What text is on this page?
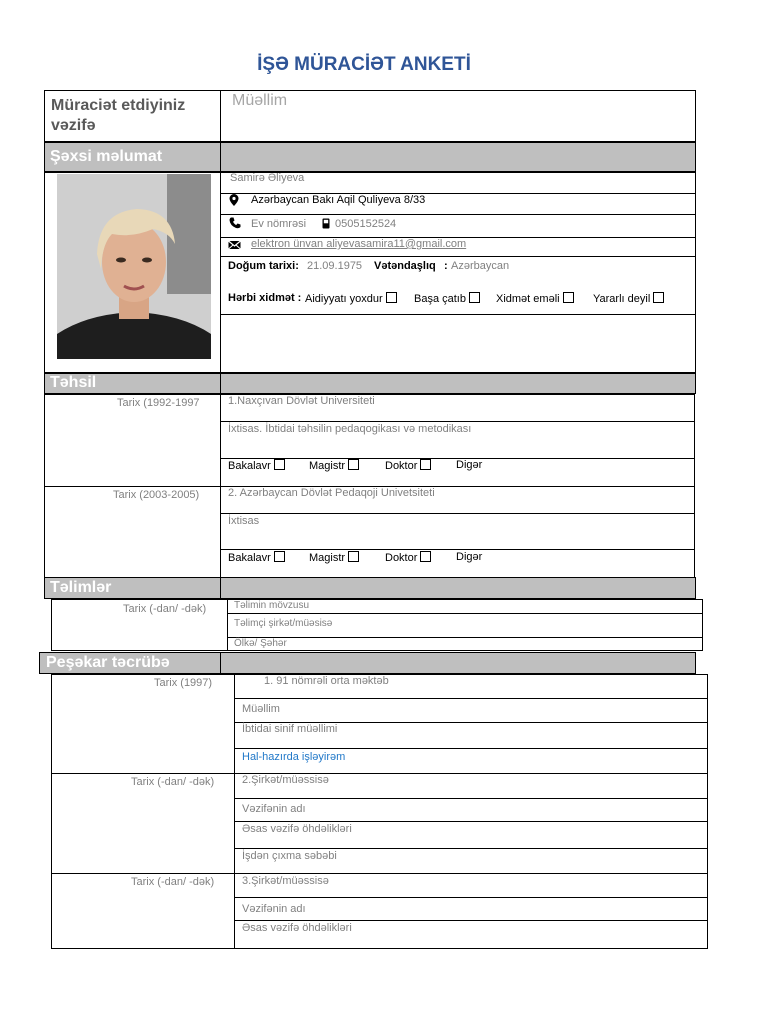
İŞƏ MÜRACİƏT ANKETİ
Müraciət etdiyiniz vəzifə
Müəllim
Şəxsi məlumat
Samirə Əliyeva
Azərbaycan Bakı Aqil Quliyeva 8/33
Ev nömrəsi	0505152524
elektron ünvan aliyevasamira11@gmail.com
Doğum tarixi: 21.09.1975 Vətəndaşlıq : Azərbaycan
Hərbi xidmət : Aidiyyatı yoxdur	Başa çatıb	Xidmət eməli	Yararlı deyil
Təhsil
Tarix (1992-1997	1.Naxçıvan Dövlət Universiteti
İxtisas. İbtidai təhsilin pedaqogikası və metodikası
Bakalavr	Magistr	Doktor	Digər
Tarix (2003-2005)	2. Azərbaycan Dövlət Pedaqoji Univetsiteti
İxtisas
Bakalavr	Magistr	Doktor	Digər
Təlimlər
Tarix (-dan/ -dək)	Təlimin mövzusu
Təlimçi şirkət/müəsisə
Ölkə/ Şəhər
Peşəkar təcrübə
Tarix (1997)	1. 91 nömrəli orta məktəb
Müəllim
İbtidai sinif müəllimi
Hal-hazırda işləyirəm
Tarix (-dan/ -dək)	2.Şirkət/müəssisə
Vəzifənin adı
Əsas vəzifə öhdəlikləri
İşdən çıxma səbəbi
Tarix (-dan/ -dək)	3.Şirkət/müəssisə
Vəzifənin adı
Əsas vəzifə öhdəlikləri
